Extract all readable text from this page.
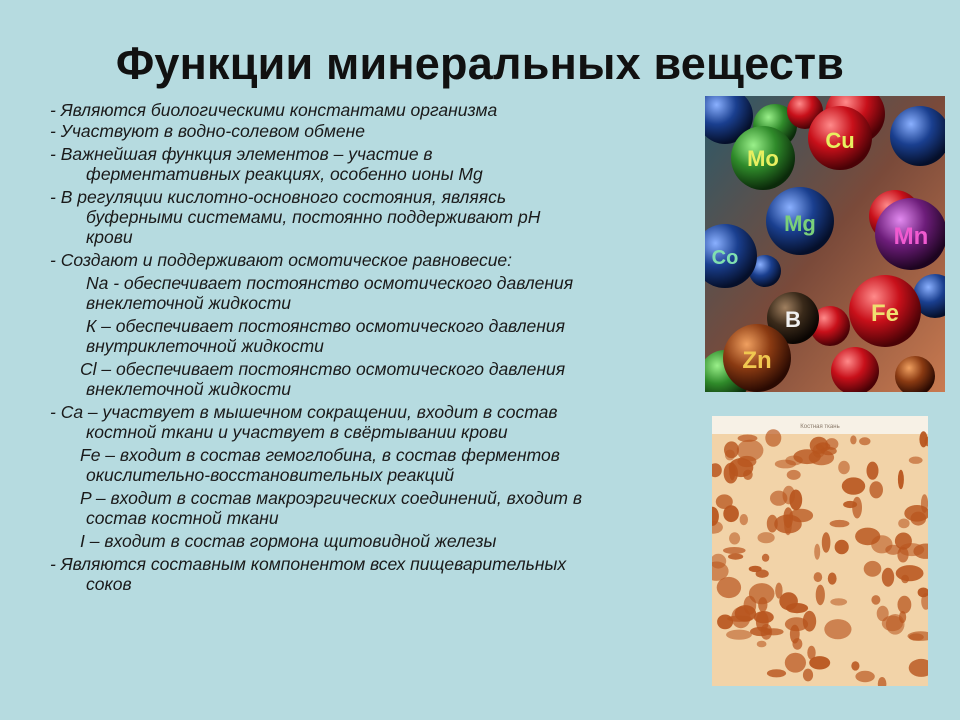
Функции минеральных веществ
- Являются биологическими константами организма
- Участвуют в водно-солевом обмене
- Важнейшая функция элементов – участие в
ферментативных реакциях, особенно ионы Mg
- В регуляции кислотно-основного состояния, являясь
буферными системами, постоянно поддерживают pH
крови
- Создают и поддерживают осмотическое равновесие:
Na - обеспечивает постоянство осмотического давления
внеклеточной жидкости
К – обеспечивает постоянство осмотического давления
внутриклеточной жидкости
Cl – обеспечивает постоянство осмотического давления
внеклеточной жидкости
- Ca – участвует в мышечном сокращении, входит в состав
костной ткани и участвует в свёртывании крови
Fe – входит в состав гемоглобина, в состав ферментов
окислительно-восстановительных реакций
P – входит в состав макроэргических соединений, входит в
состав костной ткани
I – входит в состав гормона щитовидной железы
- Являются составным компонентом всех пищеварительных
соков
Mo
Cu
Mg
Co
Mn
B	Fe
Zn
Костная ткань
